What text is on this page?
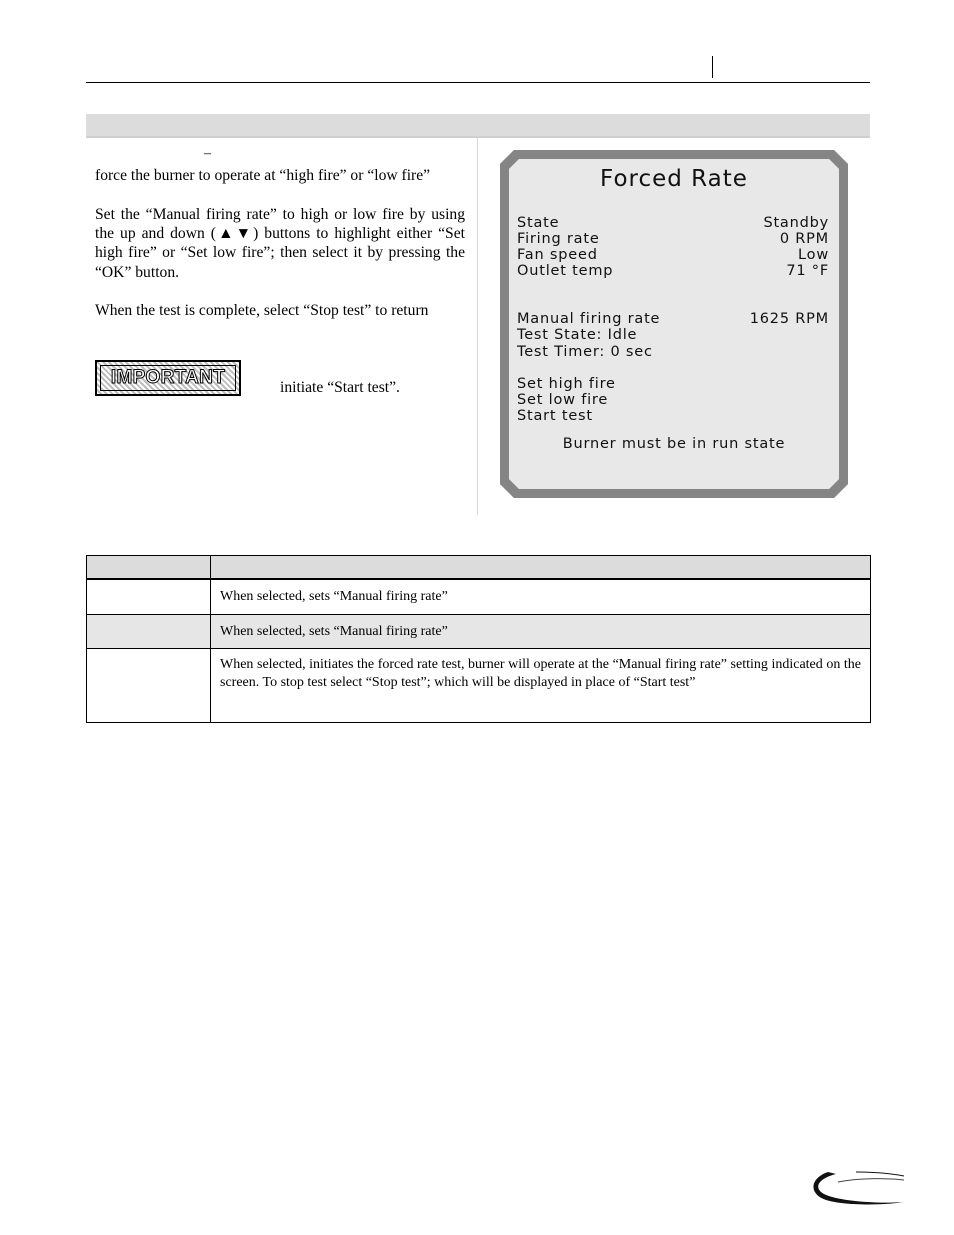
–
force the burner to operate at “high fire” or “low fire”
Set the “Manual firing rate” to high or low fire by using the up and down (▲▼) buttons to highlight either “Set high fire” or “Set low fire”; then select it by pressing the “OK” button.
When the test is complete, select “Stop test” to return
IMPORTANT	initiate “Start test”.
Forced Rate
State	Standby
Firing rate	0 RPM
Fan speed	Low
Outlet temp	71 °F
Manual firing rate	1625 RPM
Test State: Idle
Test Timer: 0 sec
Set high fire
Set low fire
Start test
Burner must be in run state

	When selected, sets “Manual firing rate”
	When selected, sets “Manual firing rate”
	When selected, initiates the forced rate test, burner will operate at the “Manual firing rate” setting indicated on the screen. To stop test select “Stop test”; which will be displayed in place of “Start test”
